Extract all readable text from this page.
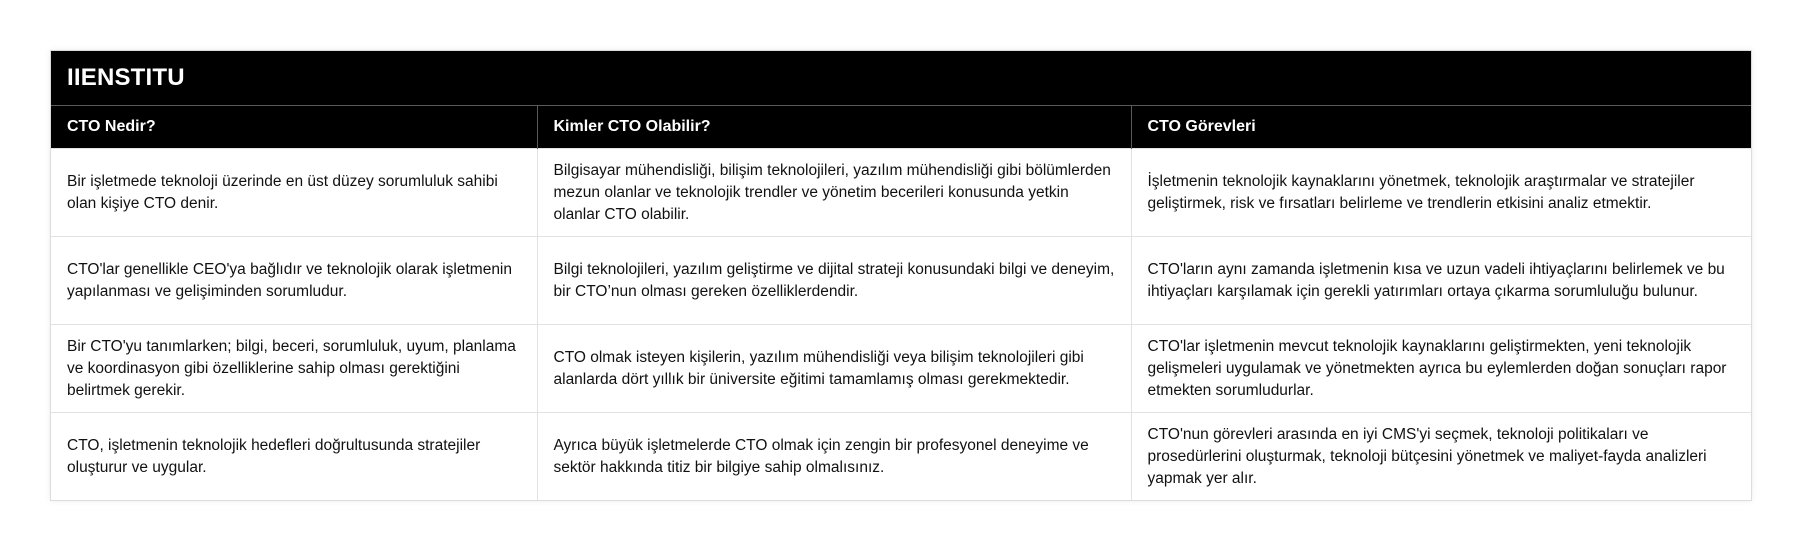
IIENSTITU
CTO Nedir?	Kimler CTO Olabilir?	CTO Görevleri
Bir işletmede teknoloji üzerinde en üst düzey sorumluluk sahibi olan kişiye CTO denir.	Bilgisayar mühendisliği, bilişim teknolojileri, yazılım mühendisliği gibi bölümlerden mezun olanlar ve teknolojik trendler ve yönetim becerileri konusunda yetkin olanlar CTO olabilir.	İşletmenin teknolojik kaynaklarını yönetmek, teknolojik araştırmalar ve stratejiler geliştirmek, risk ve fırsatları belirleme ve trendlerin etkisini analiz etmektir.
CTO'lar genellikle CEO'ya bağlıdır ve teknolojik olarak işletmenin yapılanması ve gelişiminden sorumludur.	Bilgi teknolojileri, yazılım geliştirme ve dijital strateji konusundaki bilgi ve deneyim, bir CTO’nun olması gereken özelliklerdendir.	CTO'ların aynı zamanda işletmenin kısa ve uzun vadeli ihtiyaçlarını belirlemek ve bu ihtiyaçları karşılamak için gerekli yatırımları ortaya çıkarma sorumluluğu bulunur.
Bir CTO'yu tanımlarken; bilgi, beceri, sorumluluk, uyum, planlama ve koordinasyon gibi özelliklerine sahip olması gerektiğini belirtmek gerekir.	CTO olmak isteyen kişilerin, yazılım mühendisliği veya bilişim teknolojileri gibi alanlarda dört yıllık bir üniversite eğitimi tamamlamış olması gerekmektedir.	CTO'lar işletmenin mevcut teknolojik kaynaklarını geliştirmekten, yeni teknolojik gelişmeleri uygulamak ve yönetmekten ayrıca bu eylemlerden doğan sonuçları rapor etmekten sorumludurlar.
CTO, işletmenin teknolojik hedefleri doğrultusunda stratejiler oluşturur ve uygular.	Ayrıca büyük işletmelerde CTO olmak için zengin bir profesyonel deneyime ve sektör hakkında titiz bir bilgiye sahip olmalısınız.	CTO'nun görevleri arasında en iyi CMS'yi seçmek, teknoloji politikaları ve prosedürlerini oluşturmak, teknoloji bütçesini yönetmek ve maliyet-fayda analizleri yapmak yer alır.
